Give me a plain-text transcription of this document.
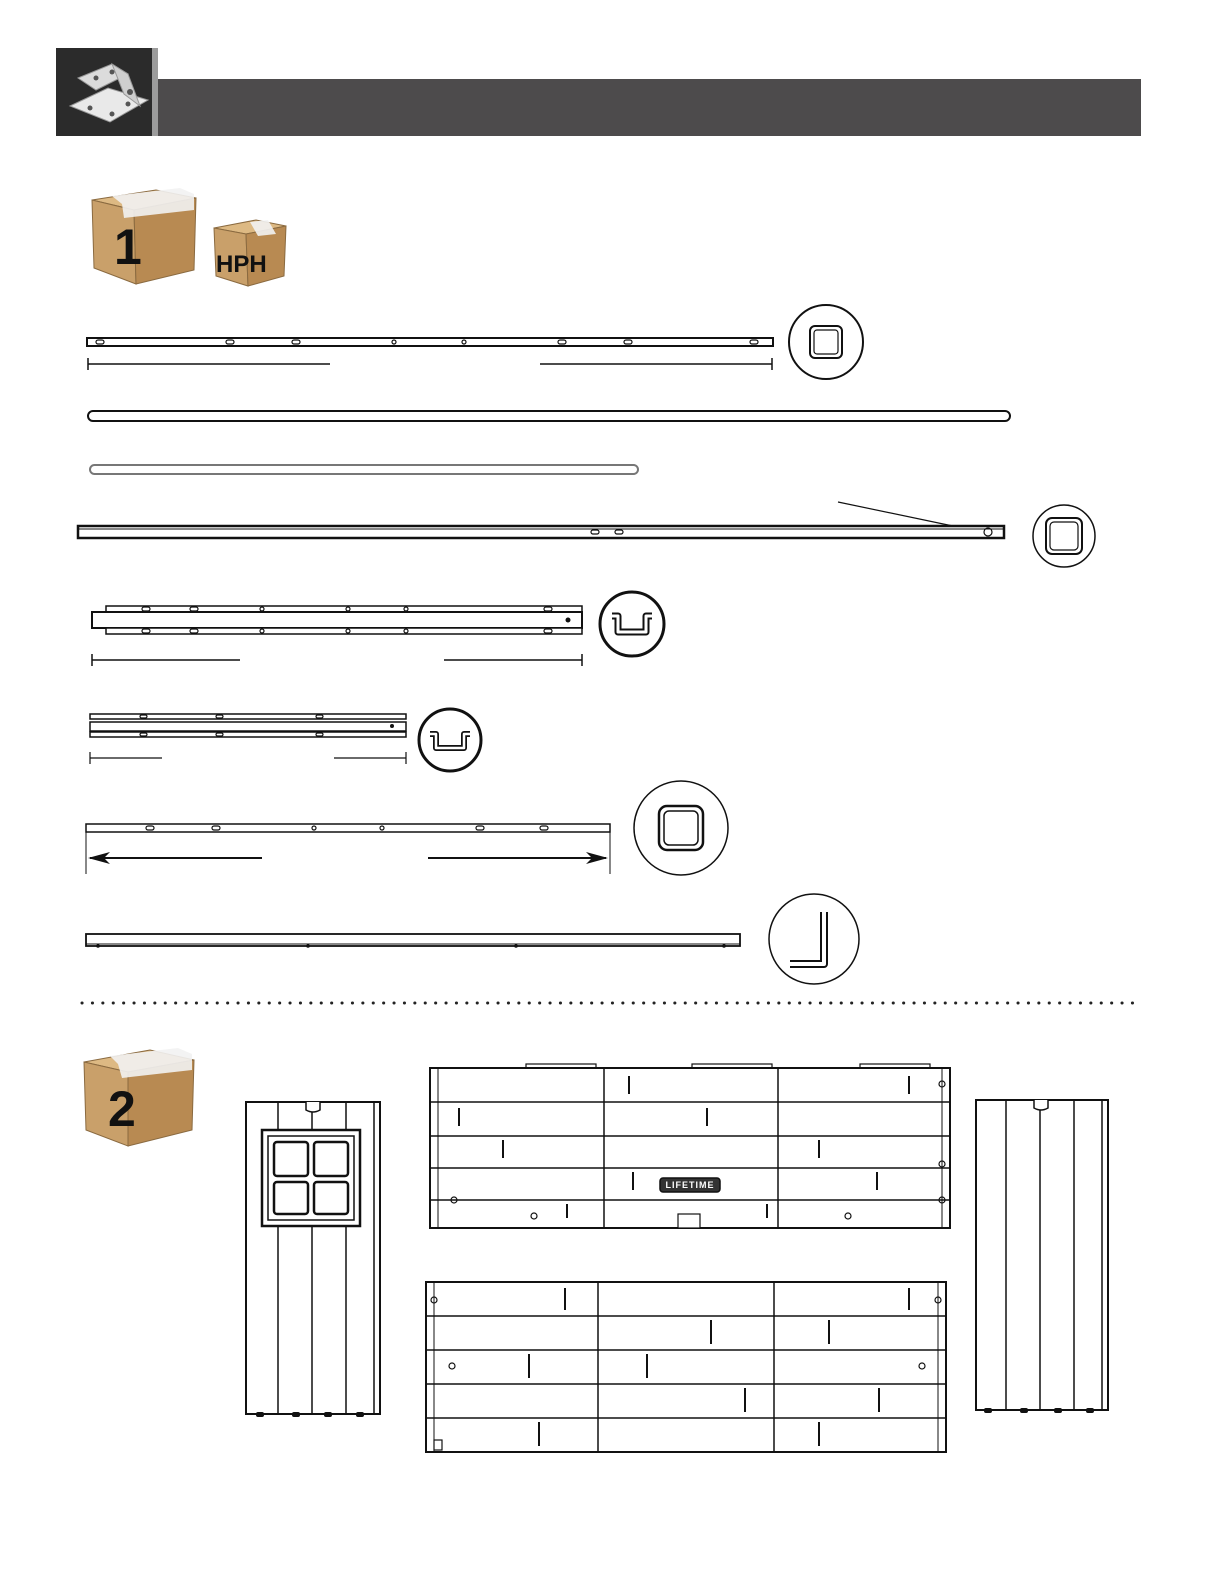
1	HPH
2
LIFETIME
